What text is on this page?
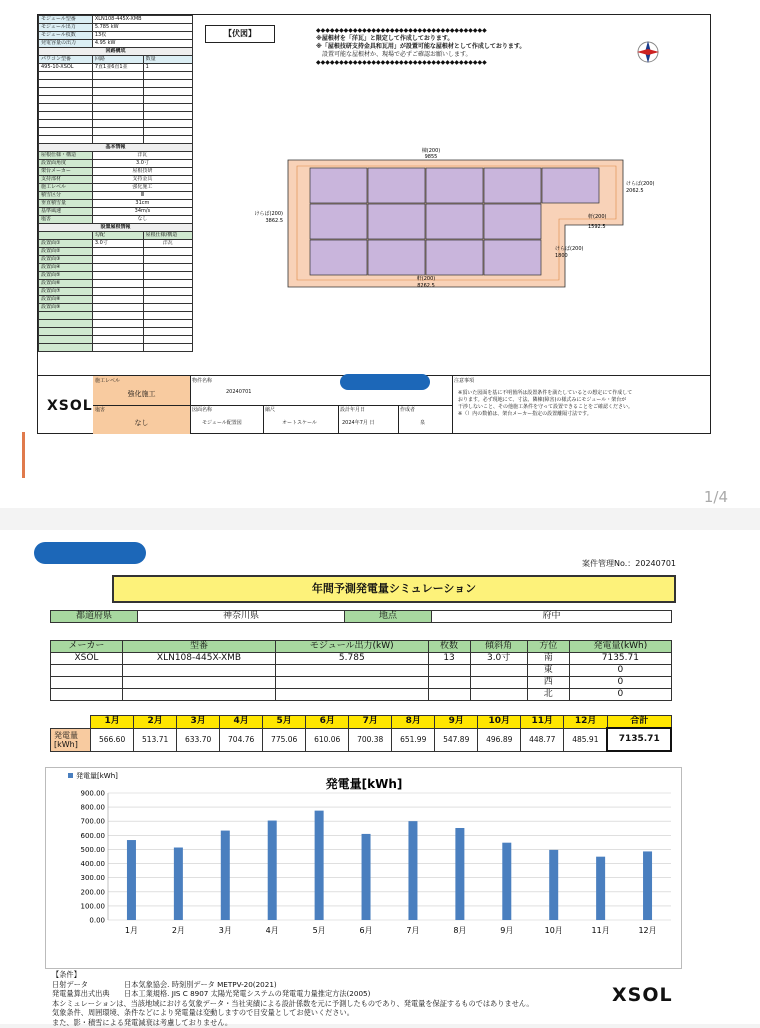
モジュール型番	XLN108-445X-XMB	
モジュール出力	5.785 kW	
モジュール枚数	13枚	
発電容量の出力	4.95 kW	
回路構成		
パワコン型番	回路	数量
495-10-XSOL	7直1並6直1並	1

基本情報		
屋根仕様・構造	洋瓦	
設置面角度	3.0寸	
架台メーカー	屋根技研	
支持部材	支持金具	
施工レベル	強化施工	
積雪区分	Ⅲ	
垂直積雪量	31cm	
基準風速	34m/s	
塩害	なし	
設置屋根情報		
	勾配	屋根仕様/構造
設置面①	3.0寸	洋瓦
設置面②		
設置面③		
設置面④		
設置面⑤		
設置面⑥		
設置面⑦		
設置面⑧		
設置面⑨		

【伏図】	◆◆◆◆◆◆◆◆◆◆◆◆◆◆◆◆◆◆◆◆◆◆◆◆◆◆◆◆◆◆◆◆◆◆◆◆◆
※屋根材を「洋瓦」と限定して作成しております。
※「屋根技研支持金具和瓦用」が設置可能な屋根材として作成しております。
設置可能な屋根材か、現場で必ずご確認お願いします。
◆◆◆◆◆◆◆◆◆◆◆◆◆◆◆◆◆◆◆◆◆◆◆◆◆◆◆◆◆◆◆◆◆◆◆◆◆
棟(200)
9855
けらば(200)
3862.5
けらば(200)
2062.5
軒(200)
1592.5
けらば(200)
1800
軒(200)
8262.5
XSOL
施工レベル
強化施工
塩害
なし
物件名称
20240701
図面名称
モジュール配置図
縮尺
オートスケール
設計年月日
2024年7月 日
作成者
泉
注意事項
※頂いた図面を基に不明箇所は設置条件を満たしているとの想定にて作成して
おります。必ず現地にて、寸法、隣棟(障害)の様式みにモジュール・架台が
干渉しないこと、その他施工条件を守って設置できることをご確認ください。
※（）内の数値は、架台メーカー指定の設置離隔寸法です。
1/4
案件管理No.：20240701
年間予測発電量シミュレーション
都道府県	神奈川県	地点	府中
メーカー	型番	モジュール出力(kW)	枚数	傾斜角	方位	発電量(kWh)
XSOL	XLN108-445X-XMB	5.785	13	3.0寸	南	7135.71
					東	0
					西	0
					北	0
	1月	2月	3月	4月	5月	6月	7月	8月	9月	10月	11月	12月	合計

発電量
[kWh]	566.60	513.71	633.70	704.76	775.06	610.06	700.38	651.99	547.89	496.89	448.77	485.91	7135.71
発電量[kWh]
発電量[kWh]
0.00
100.00
200.00
300.00
400.00
500.00
600.00
700.00
800.00
900.00
1月	2月	3月	4月	5月	6月	7月	8月	9月	10月	11月	12月
【条件】
日射データ	日本気象協会. 時刻別データ METPV-20(2021)
発電量算出式出典 日本工業規格. JIS C 8907 太陽光発電システムの発電電力量推定方法(2005)
本シミュレーションは、当該地域における気象データ・当社実績による設計係数を元に予測したものであり、発電量を保証するものではありません。
気象条件、周囲環境、条件などにより発電量は変動しますので目安量としてお使いください。
また、影・積雪による発電減衰は考慮しておりません。
XSOL
